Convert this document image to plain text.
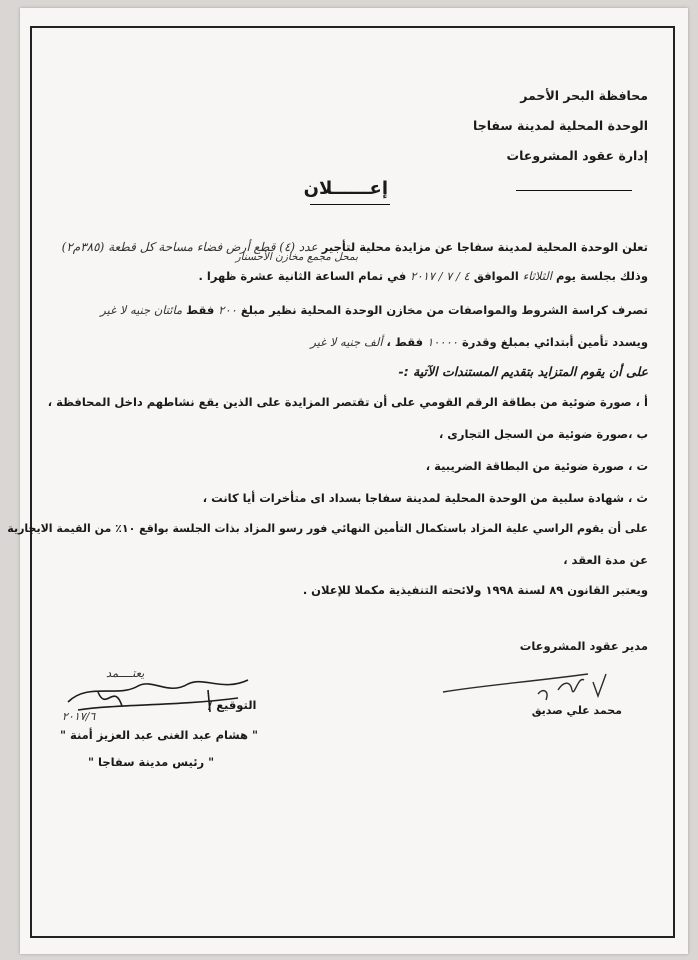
محافظة البحر الأحمر
الوحدة المحلية لمدينة سفاجا
إدارة عقود المشروعات
إعــــــلان
تعلن الوحدة المحلية لمدينة سفاجا عن مزايدة محلية لتأجير عدد (٤) قطع أرض فضاء مساحة كل قطعة (٣٨٥م٢)
بمحل مجمع مخازن الأحسنار
وذلك بجلسة يوم الثلاثاء الموافق ٤ / ٧ / ٢٠١٧ في تمام الساعة الثانية عشرة ظهرا .
تصرف كراسة الشروط والمواصفات من مخازن الوحدة المحلية نظير مبلغ ٢٠٠ فقط مائتان جنيه لا غير
ويسدد تأمين أبتدائي بمبلغ وقدرة ١٠٠٠٠ فقط ، ألف جنيه لا غير
على أن يقوم المتزايد بتقديم المستندات الآتية :-
أ ، صورة ضوئية من بطاقة الرقم القومي على أن تقتصر المزايدة على الذين يقع نشاطهم داخل المحافظة ،
ب ،صورة ضوئية من السجل التجارى ،
ت ، صورة ضوئية من البطاقة الضريبية ،
ث ، شهادة سلبية من الوحدة المحلية لمدينة سفاجا بسداد اى متأخرات أيا كانت ،
على أن يقوم الراسي علية المزاد باستكمال التأمين النهائي فور رسو المزاد بذات الجلسة بواقع ١٠٪ من القيمة الايجارية
عن مدة العقد ،
ويعتبر القانون ٨٩ لسنة ١٩٩٨ ولائحته التنفيذية مكملا للإعلان .
مدير عقود المشروعات
محمد علي صديق
يعتــــمد
التوقيع /
٢٠١٧/٦
" هشام عبد الغنى عبد العزيز أمنة "
" رئيس مدينة سفاجا "
